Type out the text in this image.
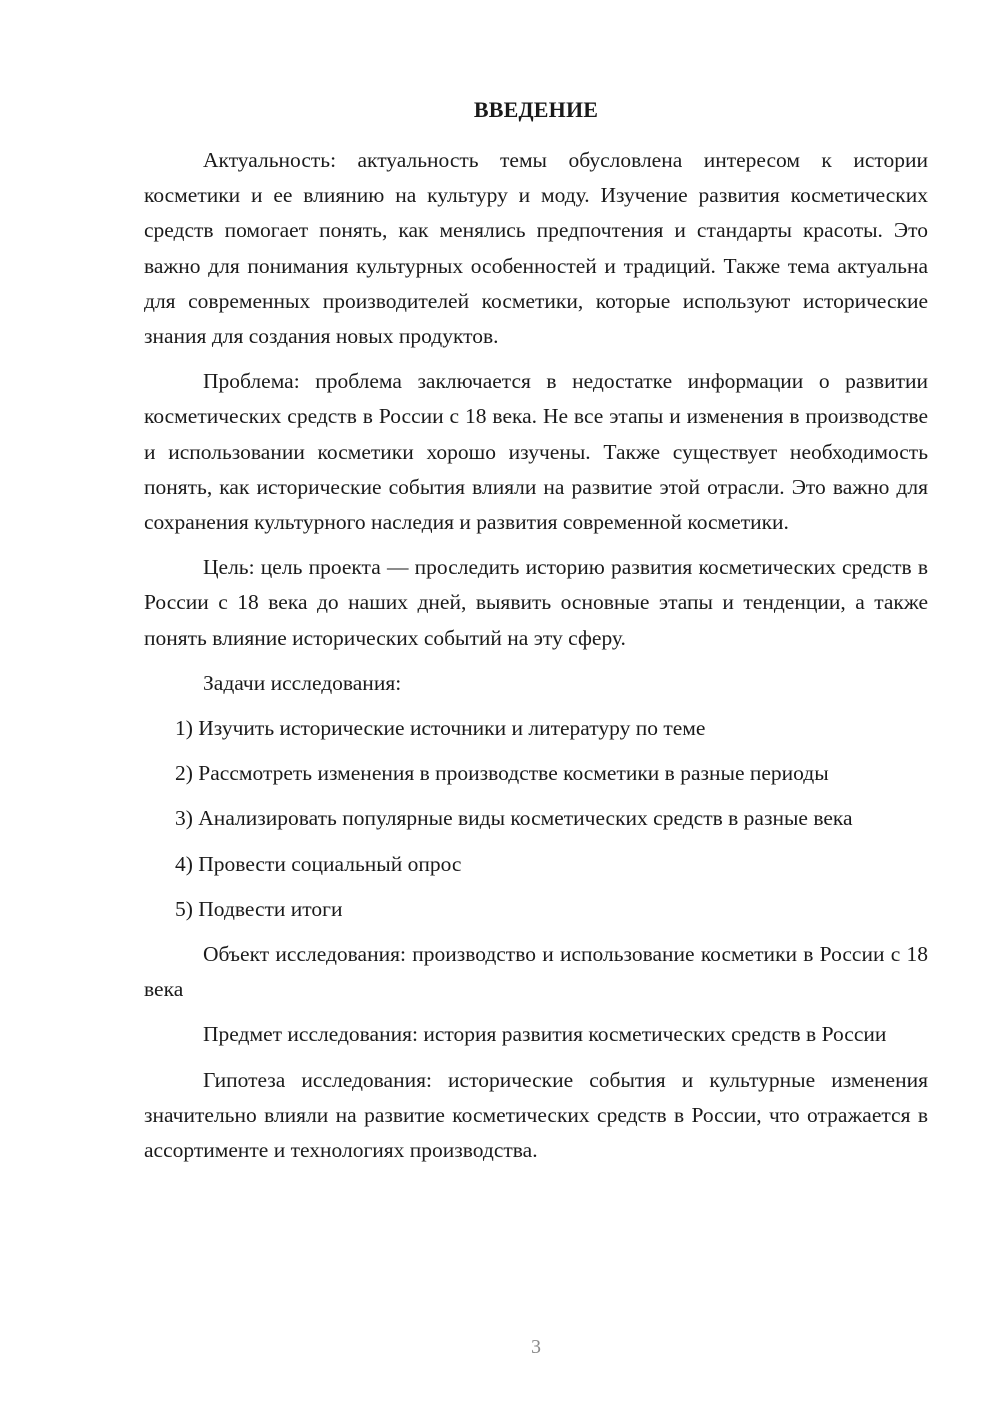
ВВЕДЕНИЕ

Актуальность: актуальность темы обусловлена интересом к истории косметики и ее влиянию на культуру и моду. Изучение развития косметических средств помогает понять, как менялись предпочтения и стандарты красоты. Это важно для понимания культурных особенностей и традиций. Также тема актуальна для современных производителей косметики, которые используют исторические знания для создания новых продуктов.

Проблема: проблема заключается в недостатке информации о развитии косметических средств в России с 18 века. Не все этапы и изменения в производстве и использовании косметики хорошо изучены. Также существует необходимость понять, как исторические события влияли на развитие этой отрасли. Это важно для сохранения культурного наследия и развития современной косметики.

Цель: цель проекта — проследить историю развития косметических средств в России с 18 века до наших дней, выявить основные этапы и тенденции, а также понять влияние исторических событий на эту сферу.

Задачи исследования:

1) Изучить исторические источники и литературу по теме

2) Рассмотреть изменения в производстве косметики в разные периоды

3) Анализировать популярные виды косметических средств в разные века

4) Провести социальный опрос

5) Подвести итоги

Объект исследования: производство и использование косметики в России с 18 века

Предмет исследования: история развития косметических средств в России

Гипотеза исследования: исторические события и культурные изменения значительно влияли на развитие косметических средств в России, что отражается в ассортименте и технологиях производства.

3
